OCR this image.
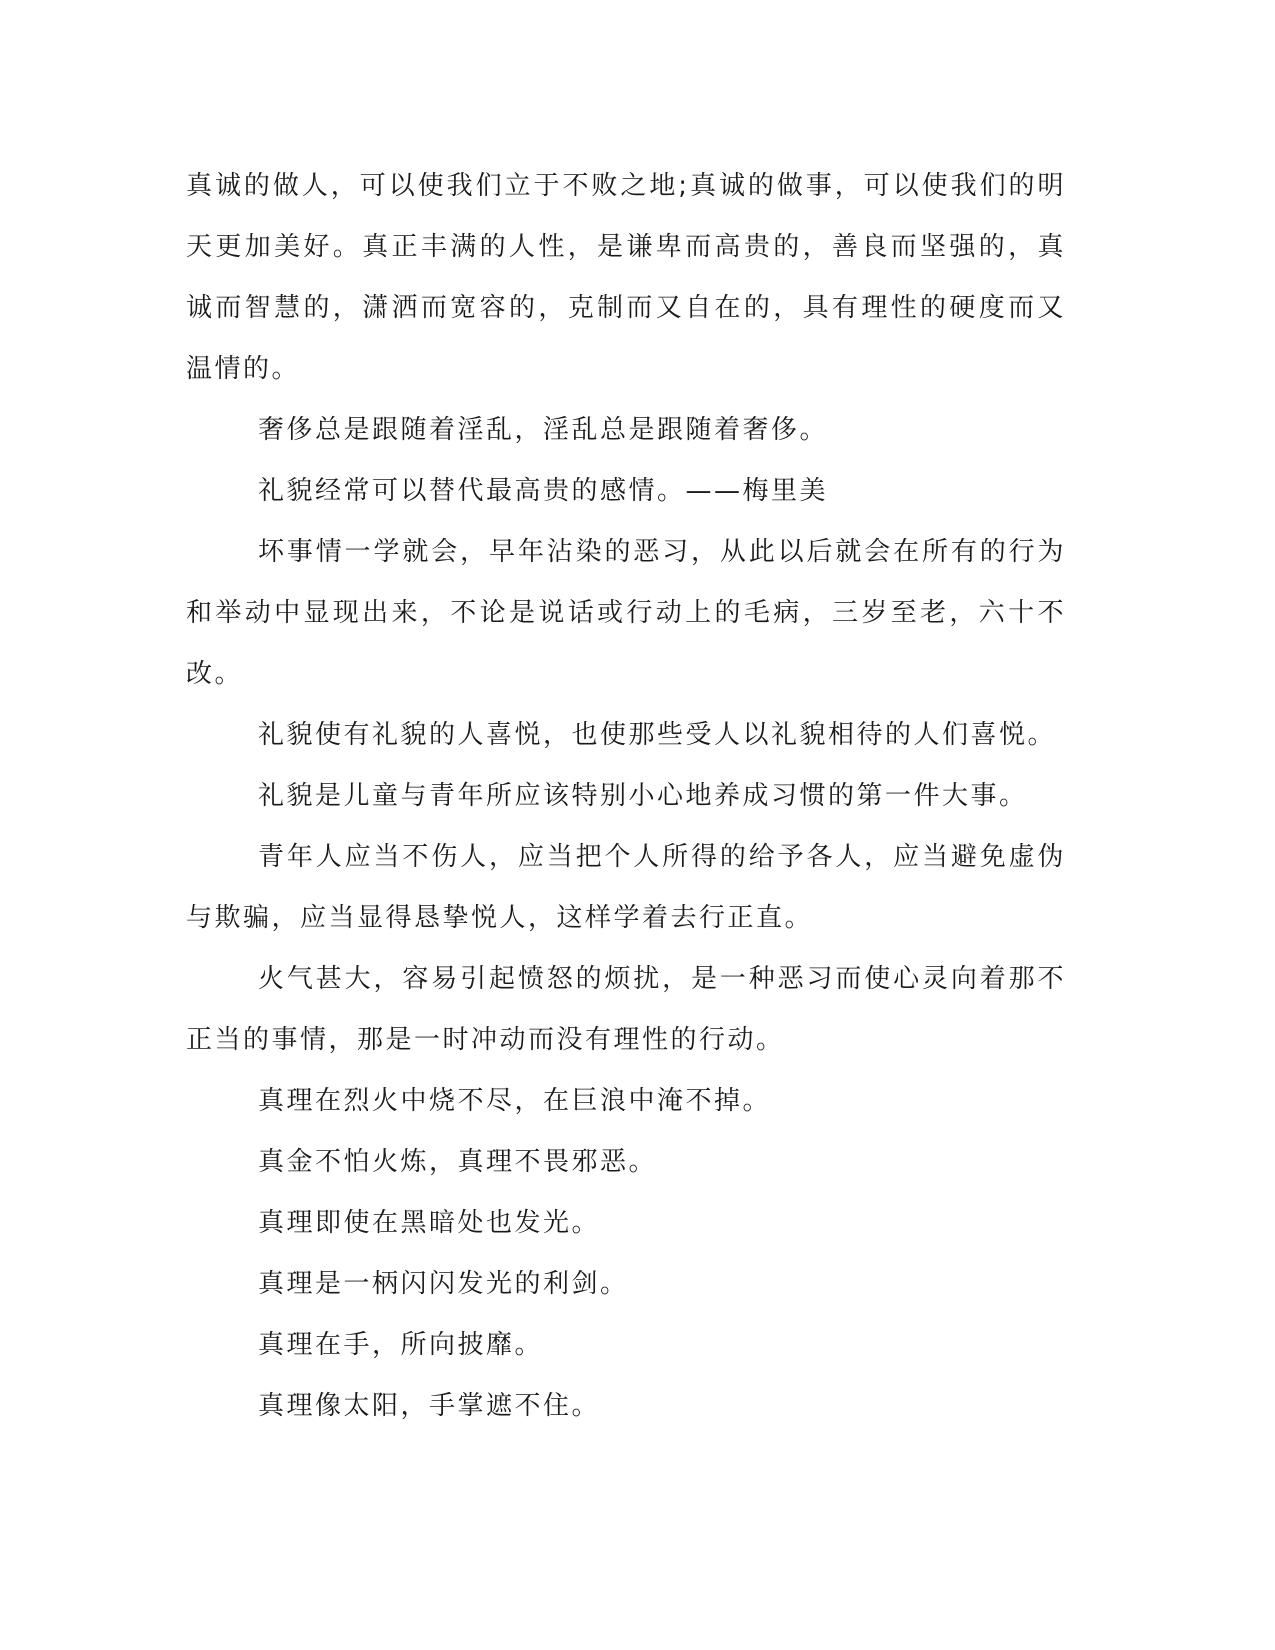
真诚的做人，可以使我们立于不败之地;真诚的做事，可以使我们的明天更加美好。真正丰满的人性，是谦卑而高贵的，善良而坚强的，真诚而智慧的，潇洒而宽容的，克制而又自在的，具有理性的硬度而又温情的。

奢侈总是跟随着淫乱，淫乱总是跟随着奢侈。

礼貌经常可以替代最高贵的感情。——梅里美

坏事情一学就会，早年沾染的恶习，从此以后就会在所有的行为和举动中显现出来，不论是说话或行动上的毛病，三岁至老，六十不改。

礼貌使有礼貌的人喜悦，也使那些受人以礼貌相待的人们喜悦。

礼貌是儿童与青年所应该特别小心地养成习惯的第一件大事。

青年人应当不伤人，应当把个人所得的给予各人，应当避免虚伪与欺骗，应当显得恳挚悦人，这样学着去行正直。

火气甚大，容易引起愤怒的烦扰，是一种恶习而使心灵向着那不正当的事情，那是一时冲动而没有理性的行动。

真理在烈火中烧不尽，在巨浪中淹不掉。

真金不怕火炼，真理不畏邪恶。

真理即使在黑暗处也发光。

真理是一柄闪闪发光的利剑。

真理在手，所向披靡。

真理像太阳，手掌遮不住。
